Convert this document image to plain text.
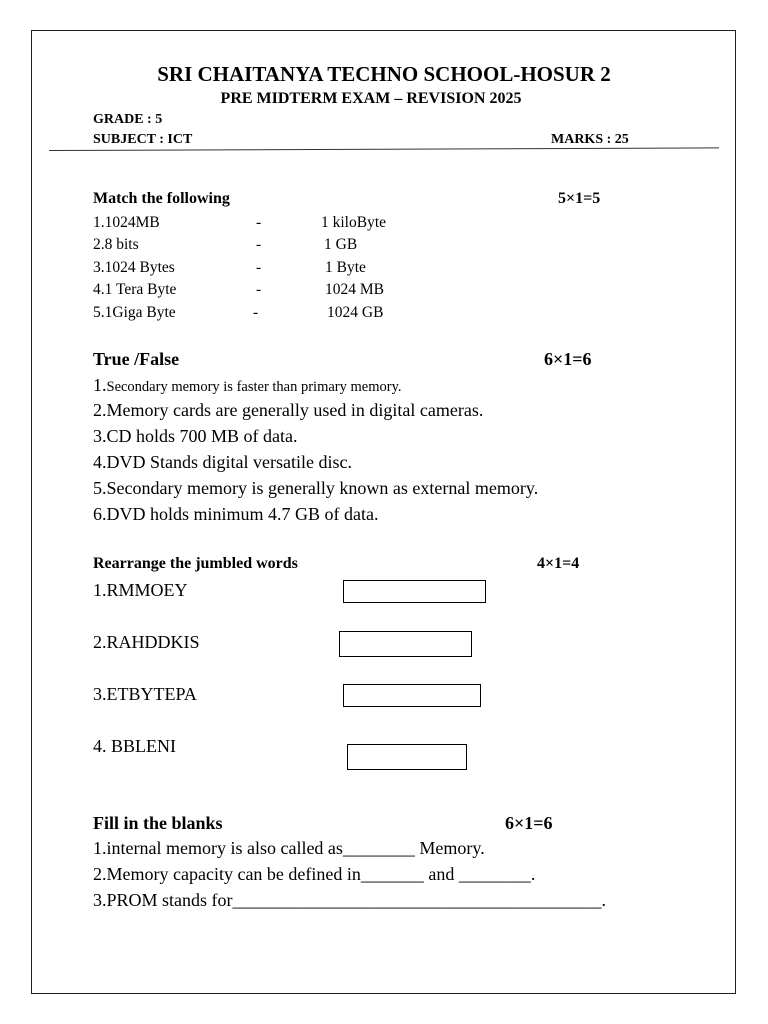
SRI CHAITANYA TECHNO SCHOOL-HOSUR 2
PRE MIDTERM EXAM – REVISION 2025
GRADE : 5
SUBJECT : ICT	MARKS : 25
Match the following	5×1=5
1.1024MB	-	1 kiloByte
2.8 bits	-	1 GB
3.1024 Bytes	-	1 Byte
4.1 Tera Byte	-	1024 MB
5.1Giga Byte	-	1024 GB
True /False	6×1=6
1.Secondary memory is faster than primary memory.
2.Memory cards are generally used in digital cameras.
3.CD holds 700 MB of data.
4.DVD Stands digital versatile disc.
5.Secondary memory is generally known as external memory.
6.DVD holds minimum 4.7 GB of data.
Rearrange the jumbled words	4×1=4
1.RMMOEY
2.RAHDDKIS
3.ETBYTEPA
4. BBLENI
Fill in the blanks	6×1=6
1.internal memory is also called as________ Memory.
2.Memory capacity can be defined in_______ and ________.
3.PROM stands for_________________________________________.
